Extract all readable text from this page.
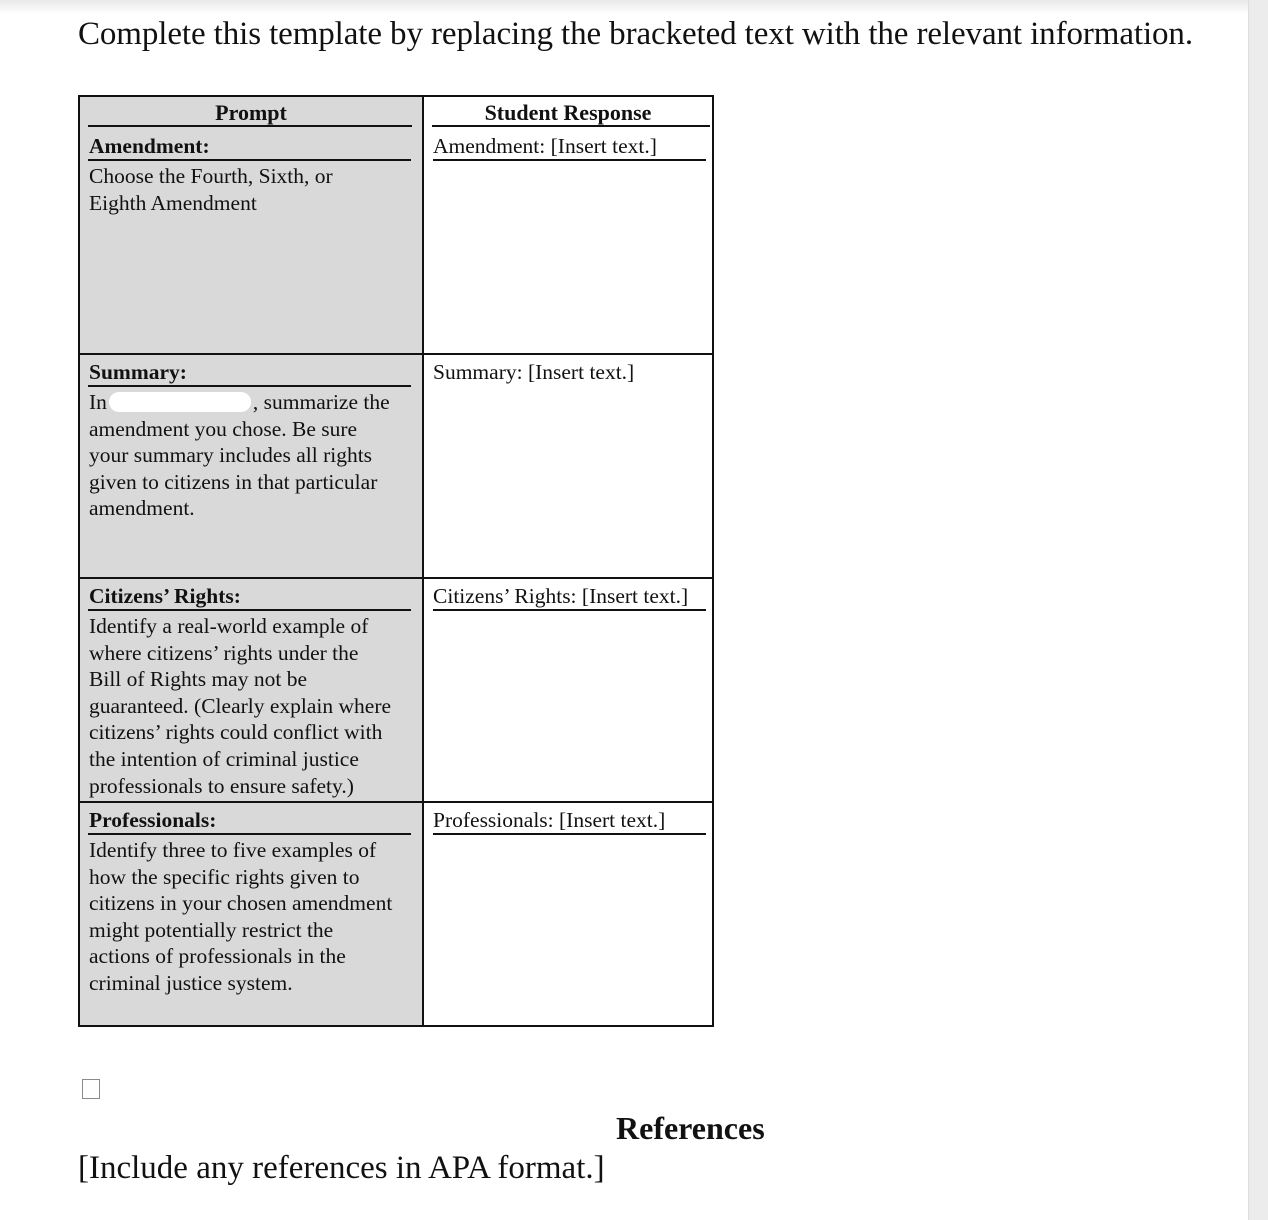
Complete this template by replacing the bracketed text with the relevant information.
Prompt	Student Response
Amendment:
Choose the Fourth, Sixth, or
Eighth Amendment
Amendment: [Insert text.]
Summary:
In	, summarize the
amendment you chose. Be sure
your summary includes all rights
given to citizens in that particular
amendment.
Summary: [Insert text.]
Citizens’ Rights:
Identify a real-world example of
where citizens’ rights under the
Bill of Rights may not be
guaranteed. (Clearly explain where
citizens’ rights could conflict with
the intention of criminal justice
professionals to ensure safety.)
Citizens’ Rights: [Insert text.]
Professionals:
Identify three to five examples of
how the specific rights given to
citizens in your chosen amendment
might potentially restrict the
actions of professionals in the
criminal justice system.
Professionals: [Insert text.]
References
[Include any references in APA format.]
